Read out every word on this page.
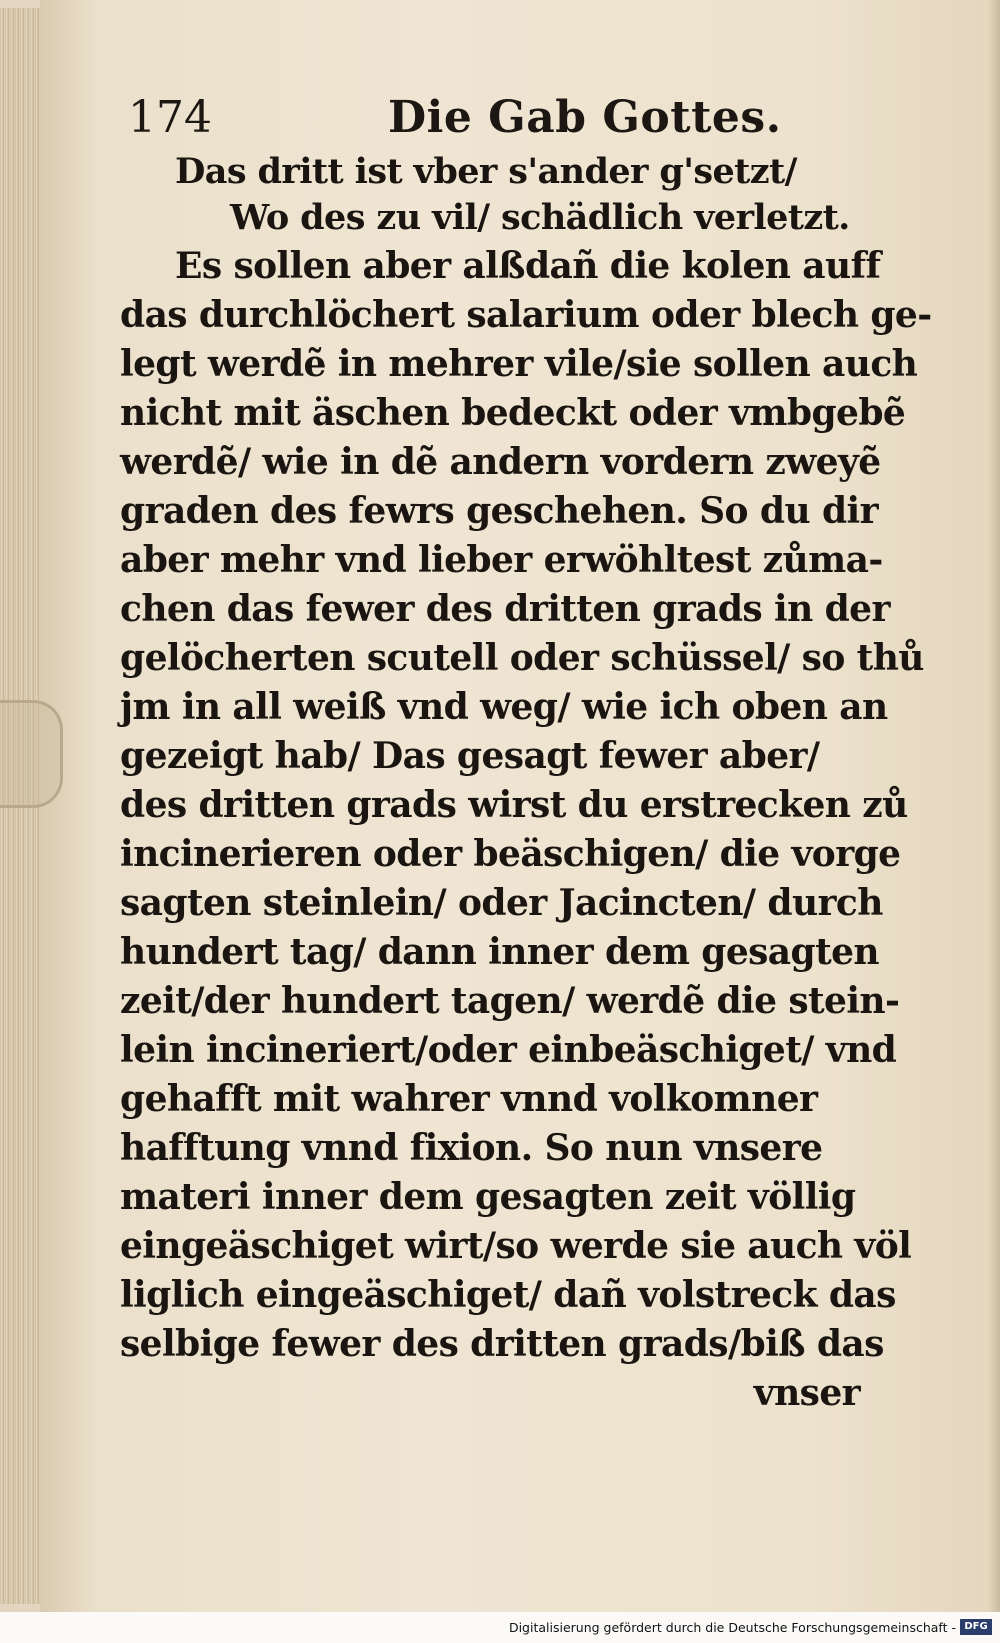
174	Die Gab Gottes.
Das dritt ist vber s'ander g'setzt/
Wo des zu vil/ schädlich verletzt.
Es sollen aber alßdañ die kolen auff
das durchlöchert salarium oder blech ge-
legt werdẽ in mehrer vile/sie sollen auch
nicht mit äschen bedeckt oder vmbgebẽ
werdẽ/ wie in dẽ andern vordern zweyẽ
graden des fewrs geschehen. So du dir
aber mehr vnd lieber erwöhltest zůma-
chen das fewer des dritten grads in der
gelöcherten scutell oder schüssel/ so thů
jm in all weiß vnd weg/ wie ich oben an
gezeigt hab/ Das gesagt fewer aber/
des dritten grads wirst du erstrecken zů
incinerieren oder beäschigen/ die vorge
sagten steinlein/ oder Jacincten/ durch
hundert tag/ dann inner dem gesagten
zeit/der hundert tagen/ werdẽ die stein-
lein incineriert/oder einbeäschiget/ vnd
gehafft mit wahrer vnnd volkomner
hafftung vnnd fixion. So nun vnsere
materi inner dem gesagten zeit völlig
eingeäschiget wirt/so werde sie auch völ
liglich eingeäschiget/ dañ volstreck das
selbige fewer des dritten grads/biß das
vnser
Digitalisierung gefördert durch die Deutsche Forschungsgemeinschaft - DFG
